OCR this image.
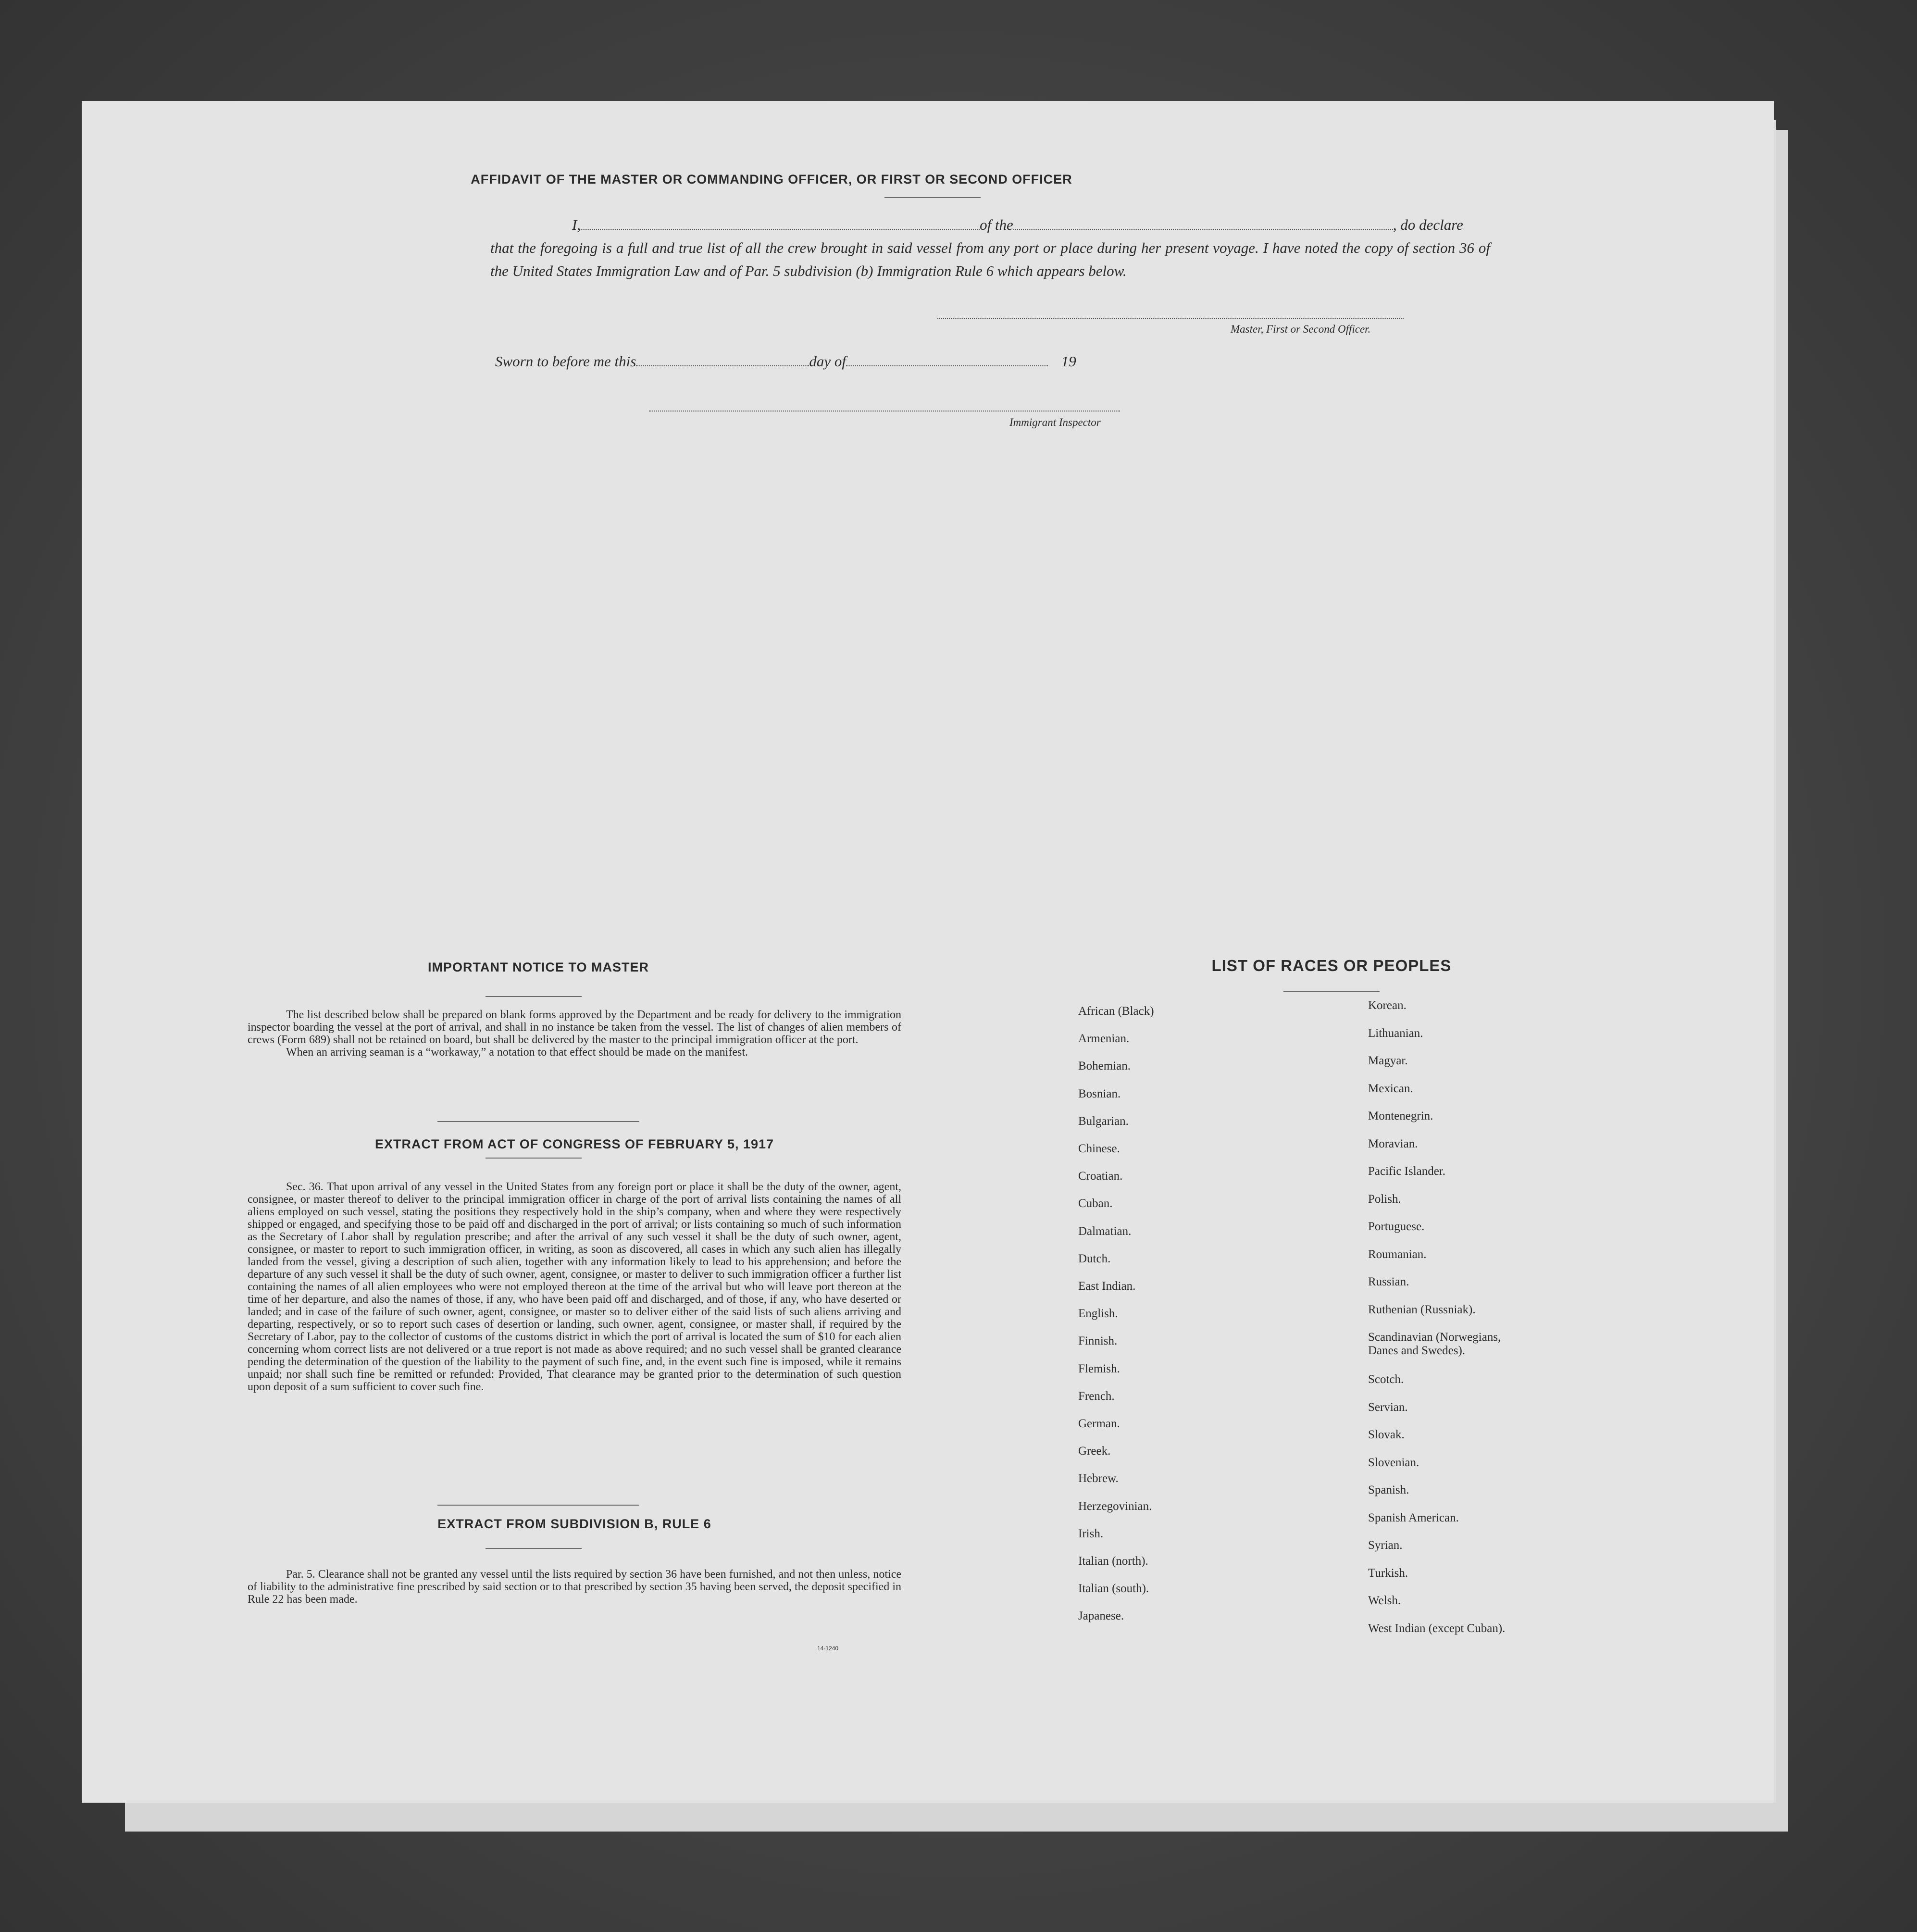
AFFIDAVIT OF THE MASTER OR COMMANDING OFFICER, OR FIRST OR SECOND OFFICER
I,	of the	, do declare
that the foregoing is a full and true list of all the crew brought in said vessel from any port or place during her present voyage. I have noted the copy of section 36 of the United States Immigration Law and of Par. 5 subdivision (b) Immigration Rule 6 which appears below.
Master, First or Second Officer.
Sworn to before me this	day of	19
Immigrant Inspector
IMPORTANT NOTICE TO MASTER

The list described below shall be prepared on blank forms approved by the Department and be ready for delivery to the immigration inspector boarding the vessel at the port of arrival, and shall in no instance be taken from the vessel. The list of changes of alien members of crews (Form 689) shall not be retained on board, but shall be delivered by the master to the principal immigration officer at the port.

When an arriving seaman is a “workaway,” a notation to that effect should be made on the manifest.

EXTRACT FROM ACT OF CONGRESS OF FEBRUARY 5, 1917
Sec. 36. That upon arrival of any vessel in the United States from any foreign port or place it shall be the duty of the owner, agent, consignee, or master thereof to deliver to the principal immigration officer in charge of the port of arrival lists containing the names of all aliens employed on such vessel, stating the positions they respectively hold in the ship’s company, when and where they were respectively shipped or engaged, and specifying those to be paid off and discharged in the port of arrival; or lists containing so much of such information as the Secretary of Labor shall by regulation prescribe; and after the arrival of any such vessel it shall be the duty of such owner, agent, consignee, or master to report to such immigration officer, in writing, as soon as discovered, all cases in which any such alien has illegally landed from the vessel, giving a description of such alien, together with any information likely to lead to his apprehension; and before the departure of any such vessel it shall be the duty of such owner, agent, consignee, or master to deliver to such immigration officer a further list containing the names of all alien employees who were not employed thereon at the time of the arrival but who will leave port thereon at the time of her departure, and also the names of those, if any, who have been paid off and discharged, and of those, if any, who have deserted or landed; and in case of the failure of such owner, agent, consignee, or master so to deliver either of the said lists of such aliens arriving and departing, respectively, or so to report such cases of desertion or landing, such owner, agent, consignee, or master shall, if required by the Secretary of Labor, pay to the collector of customs of the customs district in which the port of arrival is located the sum of $10 for each alien concerning whom correct lists are not delivered or a true report is not made as above required; and no such vessel shall be granted clearance pending the determination of the question of the liability to the payment of such fine, and, in the event such fine is imposed, while it remains unpaid; nor shall such fine be remitted or refunded: Provided, That clearance may be granted prior to the determination of such question upon deposit of a sum sufficient to cover such fine.
EXTRACT FROM SUBDIVISION B, RULE 6
Par. 5. Clearance shall not be granted any vessel until the lists required by section 36 have been furnished, and not then unless, notice of liability to the administrative fine prescribed by said section or to that prescribed by section 35 having been served, the deposit specified in Rule 22 has been made.
14-1240
LIST OF RACES OR PEOPLES
African (Black)
Armenian.
Bohemian.
Bosnian.
Bulgarian.
Chinese.
Croatian.
Cuban.
Dalmatian.
Dutch.
East Indian.
English.
Finnish.
Flemish.
French.
German.
Greek.
Hebrew.
Herzegovinian.
Irish.
Italian (north).
Italian (south).
Japanese.
Korean.
Lithuanian.
Magyar.
Mexican.
Montenegrin.
Moravian.
Pacific Islander.
Polish.
Portuguese.
Roumanian.
Russian.
Ruthenian (Russniak).
Scandinavian (Norwegians,
Danes and Swedes).
Scotch.
Servian.
Slovak.
Slovenian.
Spanish.
Spanish American.
Syrian.
Turkish.
Welsh.
West Indian (except Cuban).
